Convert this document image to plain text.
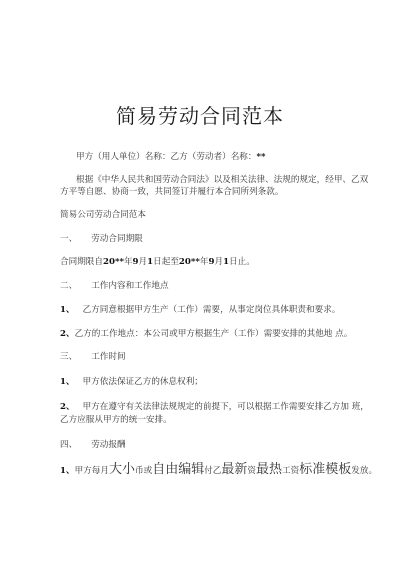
简易劳动合同范本
甲方（用人单位）名称：乙方（劳动者）名称：**
根据《中华人民共和国劳动合同法》以及相关法律、法规的规定，经甲、乙双
方平等自愿、协商一致，共同签订并履行本合同所列条款。
简易公司劳动合同范本
一、 劳动合同期限
合同期限自20**年9月1日起至20**年9月1日止。
二、 工作内容和工作地点
1、 乙方同意根据甲方生产（工作）需要，从事定岗位具体职责和要求。
2、乙方的工作地点：本公司或甲方根据生产（工作）需要安排的其他地 点。
三、 工作时间
1、 甲方依法保证乙方的休息权利；
2、 甲方在遵守有关法律法规规定的前提下，可以根据工作需要安排乙方加 班，
乙方应服从甲方的统一安排。
四、 劳动报酬
1、甲方每月大小币或自由编辑付乙最新资最热工资标准模板发放。
